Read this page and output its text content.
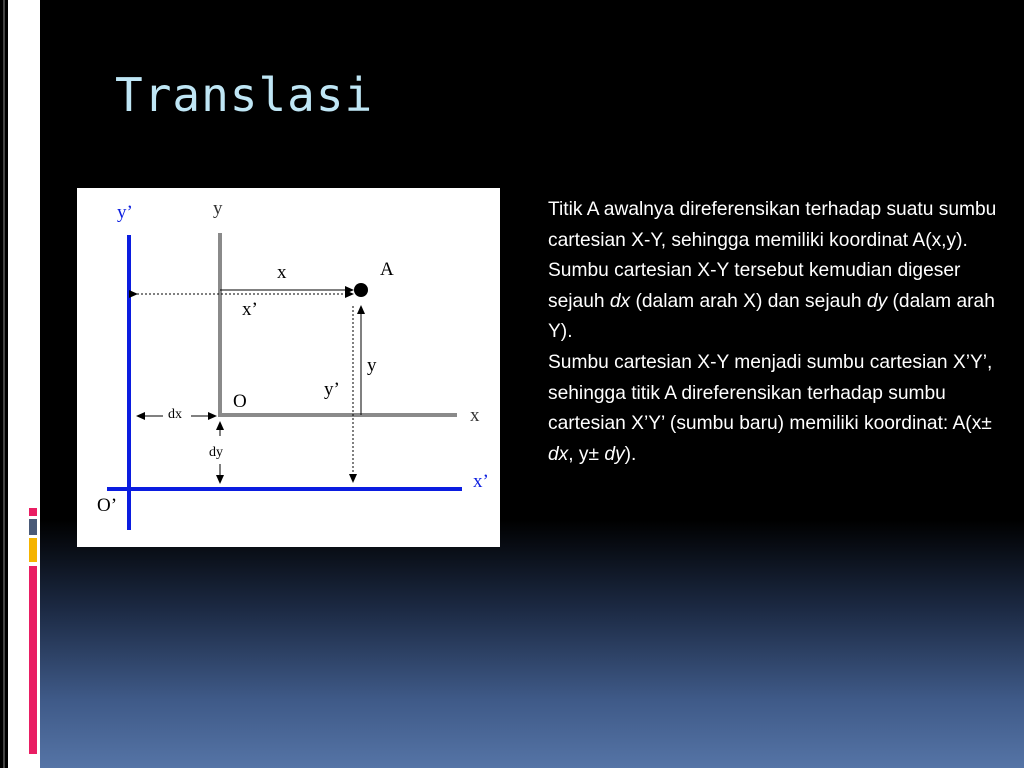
Translasi
y’	y
x	A
x’
y
y’
O
x
dx
dy
x’
O’

Titik A awalnya direferensikan terhadap suatu sumbu cartesian X-Y, sehingga memiliki koordinat A(x,y).

Sumbu cartesian X-Y tersebut kemudian digeser sejauh dx (dalam arah X) dan sejauh dy (dalam arah Y).

Sumbu cartesian X-Y menjadi sumbu cartesian X’Y’, sehingga titik A direferensikan terhadap sumbu cartesian X’Y’ (sumbu baru) memiliki koordinat: A(x± dx, y± dy).
